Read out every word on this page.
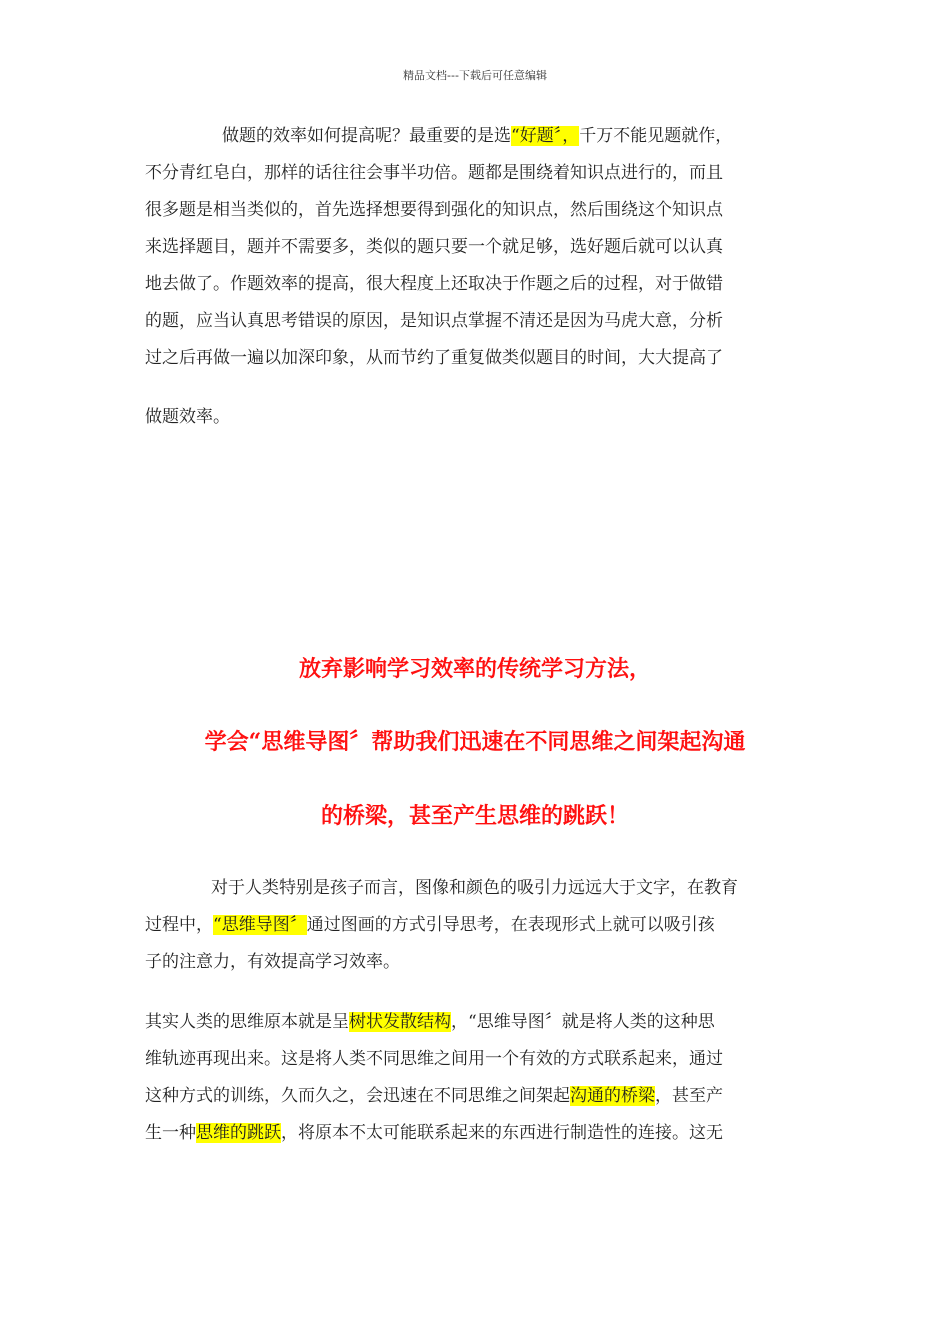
精品文档---下载后可任意编辑
做题的效率如何提高呢？最重要的是选“好题〞，千万不能见题就作，
不分青红皂白，那样的话往往会事半功倍。题都是围绕着知识点进行的，而且
很多题是相当类似的，首先选择想要得到强化的知识点，然后围绕这个知识点
来选择题目，题并不需要多，类似的题只要一个就足够，选好题后就可以认真
地去做了。作题效率的提高，很大程度上还取决于作题之后的过程，对于做错
的题，应当认真思考错误的原因，是知识点掌握不清还是因为马虎大意，分析
过之后再做一遍以加深印象，从而节约了重复做类似题目的时间，大大提高了
做题效率。
放弃影响学习效率的传统学习方法，
学会“思维导图〞帮助我们迅速在不同思维之间架起沟通
的桥梁，甚至产生思维的跳跃！
对于人类特别是孩子而言，图像和颜色的吸引力远远大于文字，在教育
过程中，“思维导图〞通过图画的方式引导思考，在表现形式上就可以吸引孩
子的注意力，有效提高学习效率。
其实人类的思维原本就是呈树状发散结构，“思维导图〞就是将人类的这种思
维轨迹再现出来。这是将人类不同思维之间用一个有效的方式联系起来，通过
这种方式的训练，久而久之，会迅速在不同思维之间架起沟通的桥梁，甚至产
生一种思维的跳跃，将原本不太可能联系起来的东西进行制造性的连接。这无
